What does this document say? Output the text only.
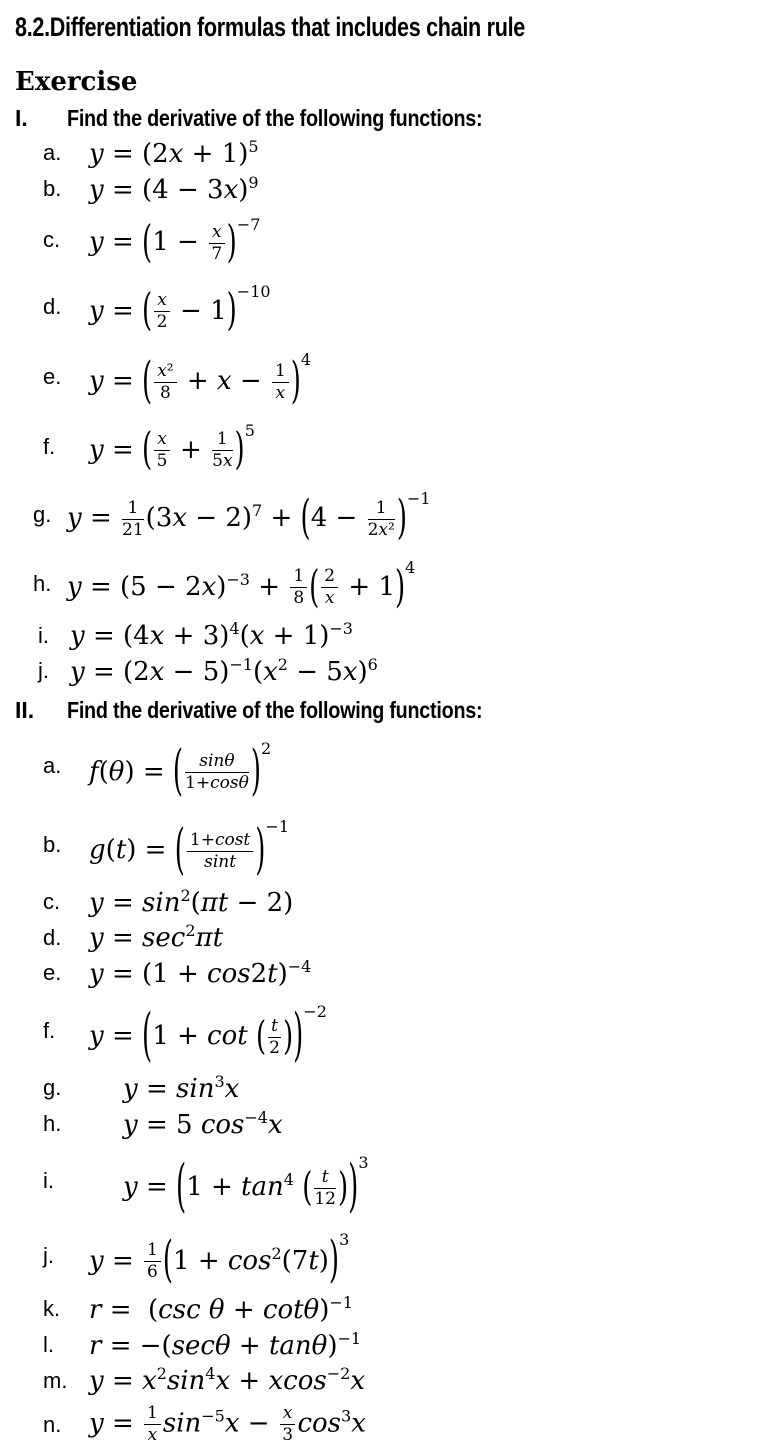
8.2.Differentiation formulas that includes chain rule
Exercise
I.	Find the derivative of the following functions:
a.	$y = (2x + 1)^5$
b.	$y = (4 - 3x)^9$
c.	$y = (1 - \frac{x}{7} )^{-7}$
d.	y = ( $\frac{x}{2} - 1)^{-10}$
e.	y = ( $\frac{\text{x²}}{8} + x - \frac{1}{x} )^4$
f.	y = ( $\frac{x}{5} + \frac{1}{5x} )^5$
g. $y = \frac{1}{21} (3x - 2)^7 + (4 - \frac{1}{\text{2x²}} )^{-1}$
h. $y = (5 - 2x)^{-3} + \frac{1}{8}$ ( $\frac{2}{x} + 1)^4$
i. $y = (4x + 3)^4(x + 1)^{-3}$
j. $y = (2x - 5)^{-1}(x^2 - 5x)^6$
II.	Find the derivative of the following functions:
a.	f(θ) = ( $\frac{\sin\theta}{1+\cos\theta} )^2$
b.	g(t) = ( $\frac{1+\cos t}{\sin t} )^{-1}$
c.	$y = \sin^2(\pi t - 2)$
d.	$y = \sec^2\pi t$
e.	$y = (1 + \cos 2t)^{-4}$
f.	y = (1 + cot ( $\frac{t}{2} ))^{-2}$
g.	$y = \sin^3x$
h.	y = 5 $\cos^{-4}x$
i.	$y = (1 + \tan^4$ ( $\frac{t}{12} ))^3$
j.	$y = \frac{1}{6} (1 + \cos^2(7t))^3$
k.	r =  (csc θ + cotθ)$^{-1}$
l.	$r = -(\sec\theta + \tan\theta)^{-1}$
m. $y = x^2\sin^4x + xcos^{-2}x$
n.	$y = \frac{1}{x} \sin^{-5}x - \frac{x}{3} \cos^3x$
